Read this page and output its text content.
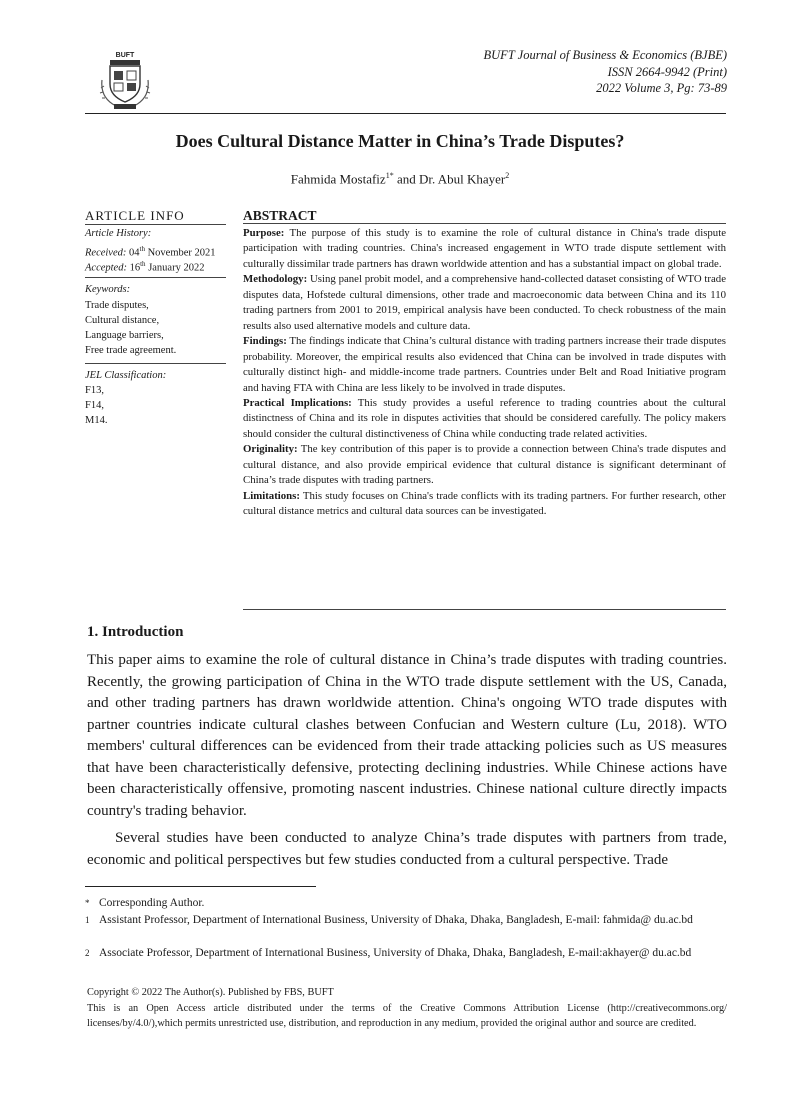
BUFT	BUFT Journal of Business & Economics (BJBE)
ISSN 2664-9942 (Print)
2022 Volume 3, Pg: 73-89
Does Cultural Distance Matter in China’s Trade Disputes?
Fahmida Mostafiz$^{1*}$ and Dr. Abul Khayer$^2$
ARTICLE INFO
Article History:
Received: 04th November 2021
Accepted: 16th January 2022
Keywords:
Trade disputes,
Cultural distance,
Language barriers,
Free trade agreement.
JEL Classification:
F13,
F14,
M14.
ABSTRACT

Purpose: The purpose of this study is to examine the role of cultural distance in China's trade dispute participation with trading countries. China's increased engagement in WTO trade dispute settlement with culturally dissimilar trade partners has drawn worldwide attention and has a substantial impact on global trade.

Methodology: Using panel probit model, and a comprehensive hand-collected dataset consisting of WTO trade disputes data, Hofstede cultural dimensions, other trade and macroeconomic data between China and its 110 trading partners from 2001 to 2019, empirical analysis have been conducted. To check robustness of the main results also used alternative models and culture data.

Findings: The findings indicate that China’s cultural distance with trading partners increase their trade disputes probability. Moreover, the empirical results also evidenced that China can be involved in trade disputes with culturally distinct high- and middle-income trade partners. Countries under Belt and Road Initiative program and having FTA with China are less likely to be involved in trade disputes.

Practical Implications: This study provides a useful reference to trading countries about the cultural distinctness of China and its role in disputes activities that should be considered carefully. The policy makers should consider the cultural distinctiveness of China while conducting trade related activities.

Originality: The key contribution of this paper is to provide a connection between China's trade disputes and cultural distance, and also provide empirical evidence that cultural distance is significant determinant of China’s trade disputes with trading partners.

Limitations: This study focuses on China's trade conflicts with its trading partners. For further research, other cultural distance metrics and cultural data sources can be investigated.

1. Introduction

This paper aims to examine the role of cultural distance in China’s trade disputes with trading countries. Recently, the growing participation of China in the WTO trade dispute settlement with the US, Canada, and other trading partners has drawn worldwide attention. China's ongoing WTO trade disputes with partner countries indicate cultural clashes between Confucian and Western culture (Lu, 2018). WTO members' cultural differences can be evidenced from their trade attacking policies such as US measures that have been characteristically defensive, protecting declining industries. While Chinese actions have been characteristically offensive, promoting nascent industries. Chinese national culture directly impacts country's trading behavior.

Several studies have been conducted to analyze China’s trade disputes with partners from trade, economic and political perspectives but few studies conducted from a cultural perspective. Trade

* Corresponding Author.
1 Assistant Professor, Department of International Business, University of Dhaka, Dhaka, Bangladesh, E-mail: fahmida@ du.ac.bd
2 Associate Professor, Department of International Business, University of Dhaka, Dhaka, Bangladesh, E-mail:akhayer@ du.ac.bd
Copyright © 2022 The Author(s). Published by FBS, BUFT
This is an Open Access article distributed under the terms of the Creative Commons Attribution License (http://creativecommons.org/ licenses/by/4.0/),which permits unrestricted use, distribution, and reproduction in any medium, provided the original author and source are credited.
